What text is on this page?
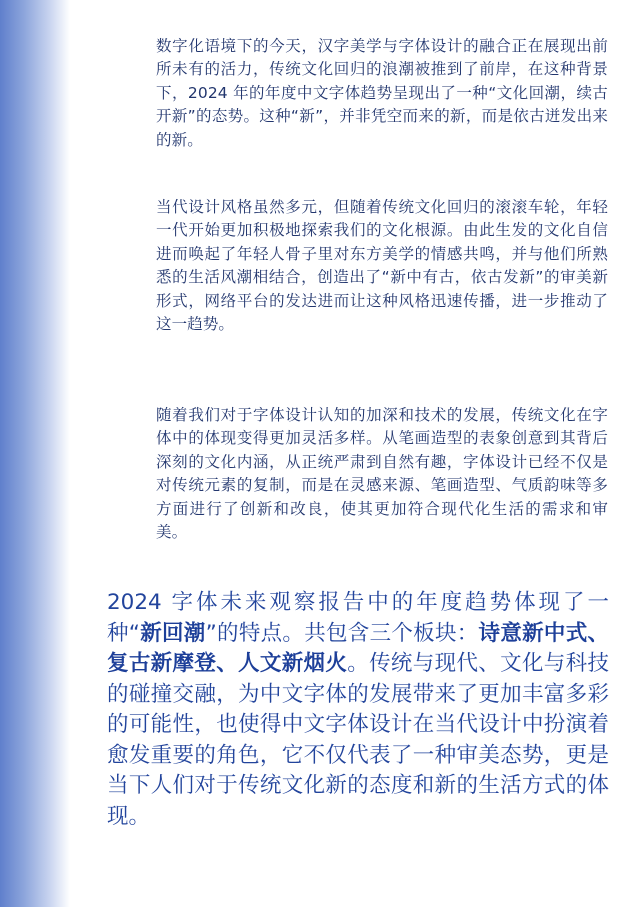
数字化语境下的今天，汉字美学与字体设计的融合正在展现出前所未有的活力，传统文化回归的浪潮被推到了前岸，在这种背景下，2024 年的年度中文字体趋势呈现出了一种“文化回潮，续古开新”的态势。这种“新”，并非凭空而来的新，而是依古迸发出来的新。

当代设计风格虽然多元，但随着传统文化回归的滚滚车轮，年轻一代开始更加积极地探索我们的文化根源。由此生发的文化自信进而唤起了年轻人骨子里对东方美学的情感共鸣，并与他们所熟悉的生活风潮相结合，创造出了“新中有古，依古发新”的审美新形式，网络平台的发达进而让这种风格迅速传播，进一步推动了这一趋势。

随着我们对于字体设计认知的加深和技术的发展，传统文化在字体中的体现变得更加灵活多样。从笔画造型的表象创意到其背后深刻的文化内涵，从正统严肃到自然有趣，字体设计已经不仅是对传统元素的复制，而是在灵感来源、笔画造型、气质韵味等多方面进行了创新和改良，使其更加符合现代化生活的需求和审美。

2024 字体未来观察报告中的年度趋势体现了一种“新回潮”的特点。共包含三个板块：诗意新中式、复古新摩登、人文新烟火。传统与现代、文化与科技的碰撞交融，为中文字体的发展带来了更加丰富多彩的可能性，也使得中文字体设计在当代设计中扮演着愈发重要的角色，它不仅代表了一种审美态势，更是当下人们对于传统文化新的态度和新的生活方式的体现。
